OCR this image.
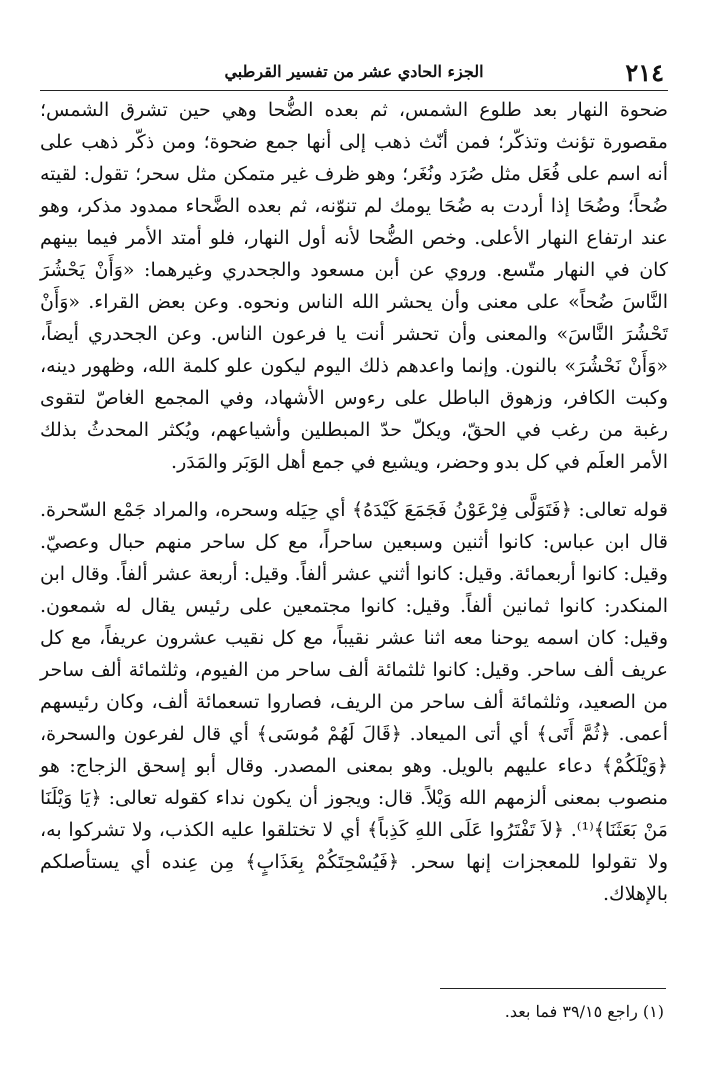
٢١٤
الجزء الحادي عشر من تفسير القرطبي

ضحوة النهار بعد طلوع الشمس، ثم بعده الضُّحا وهي حين تشرق الشمس؛ مقصورة تؤنث وتذكّر؛ فمن أنّث ذهب إلى أنها جمع ضحوة؛ ومن ذكّر ذهب على أنه اسم على فُعَل مثل صُرَد ونُغَر؛ وهو ظرف غير متمكن مثل سحر؛ تقول: لقيته ضُحاً؛ وضُحَا إذا أردت به ضُحَا يومك لم تنوّنه، ثم بعده الضَّحاء ممدود مذكر، وهو عند ارتفاع النهار الأعلى. وخص الضُّحا لأنه أول النهار، فلو أمتد الأمر فيما بينهم كان في النهار متّسع. وروي عن أبن مسعود والجحدري وغيرهما: «وَأَنْ يَحْشُرَ النَّاسَ ضُحاً» على معنى وأن يحشر الله الناس ونحوه. وعن بعض القراء. «وَأَنْ تَحْشُرَ النَّاسَ» والمعنى وأن تحشر أنت يا فرعون الناس. وعن الجحدري أيضاً، «وَأَنْ نَحْشُرَ» بالنون. وإنما واعدهم ذلك اليوم ليكون علو كلمة الله، وظهور دينه، وكبت الكافر، وزهوق الباطل على رءوس الأشهاد، وفي المجمع الغاصّ لتقوى رغبة من رغب في الحقّ، ويكلّ حدّ المبطلين وأشياعهم، ويُكثر المحدثُ بذلك الأمر العلَم في كل بدو وحضر، ويشيع في جمع أهل الوَبَر والمَدَر.

قوله تعالى: ﴿فَتَوَلَّى فِرْعَوْنُ فَجَمَعَ كَيْدَهُ﴾ أي حِيَله وسحره، والمراد جَمْع السّحرة. قال ابن عباس: كانوا أثنين وسبعين ساحراً، مع كل ساحر منهم حبال وعصيّ. وقيل: كانوا أربعمائة. وقيل: كانوا أثني عشر ألفاً. وقيل: أربعة عشر ألفاً. وقال ابن المنكدر: كانوا ثمانين ألفاً. وقيل: كانوا مجتمعين على رئيس يقال له شمعون. وقيل: كان اسمه يوحنا معه اثنا عشر نقيباً، مع كل نقيب عشرون عريفاً، مع كل عريف ألف ساحر. وقيل: كانوا ثلثمائة ألف ساحر من الفيوم، وثلثمائة ألف ساحر من الصعيد، وثلثمائة ألف ساحر من الريف، فصاروا تسعمائة ألف، وكان رئيسهم أعمى. ﴿ثُمَّ أَتَى﴾ أي أتى الميعاد. ﴿قَالَ لَهُمْ مُوسَى﴾ أي قال لفرعون والسحرة، ﴿وَيْلَكُمْ﴾ دعاء عليهم بالويل. وهو بمعنى المصدر. وقال أبو إسحق الزجاج: هو منصوب بمعنى ألزمهم الله وَيْلاً. قال: ويجوز أن يكون نداء كقوله تعالى: ﴿يَا وَيْلَنَا مَنْ بَعَثَنَا﴾⁽¹⁾. ﴿لاَ تَفْتَرُوا عَلَى اللهِ كَذِباً﴾ أي لا تختلقوا عليه الكذب، ولا تشركوا به، ولا تقولوا للمعجزات إنها سحر. ﴿فَيُسْحِتَكُمْ بِعَذَابٍ﴾ مِن عِنده أي يستأصلكم بالإهلاك.

(١) راجع ٣٩/١٥ فما بعد.
